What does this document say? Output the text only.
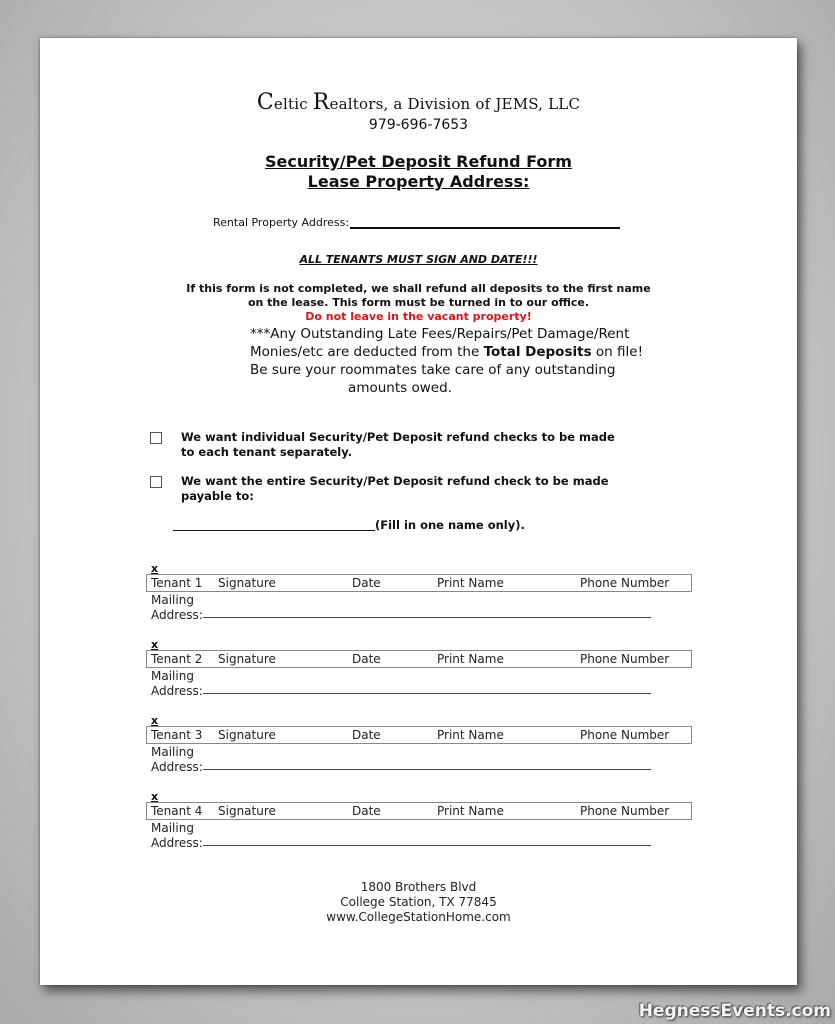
Celtic Realtors, a Division of JEMS, LLC
979-696-7653
Security/Pet Deposit Refund Form
Lease Property Address:
Rental Property Address:
ALL TENANTS MUST SIGN AND DATE!!!
If this form is not completed, we shall refund all deposits to the first name
on the lease. This form must be turned in to our office.
Do not leave in the vacant property!

***Any Outstanding Late Fees/Repairs/Pet Damage/Rent

Monies/etc are deducted from the Total Deposits on file!

Be sure your roommates take care of any outstanding

amounts owed.

We want individual Security/Pet Deposit refund checks to be made
to each tenant separately.
We want the entire Security/Pet Deposit refund check to be made
payable to:
(Fill in one name only).
x
Tenant 1 Signature	Date	Print Name	Phone Number
Mailing
Address:
x
Tenant 2 Signature	Date	Print Name	Phone Number
Mailing
Address:
x
Tenant 3 Signature	Date	Print Name	Phone Number
Mailing
Address:
x
Tenant 4 Signature	Date	Print Name	Phone Number
Mailing
Address:
1800 Brothers Blvd
College Station, TX 77845
www.CollegeStationHome.com
HegnessEvents.com
